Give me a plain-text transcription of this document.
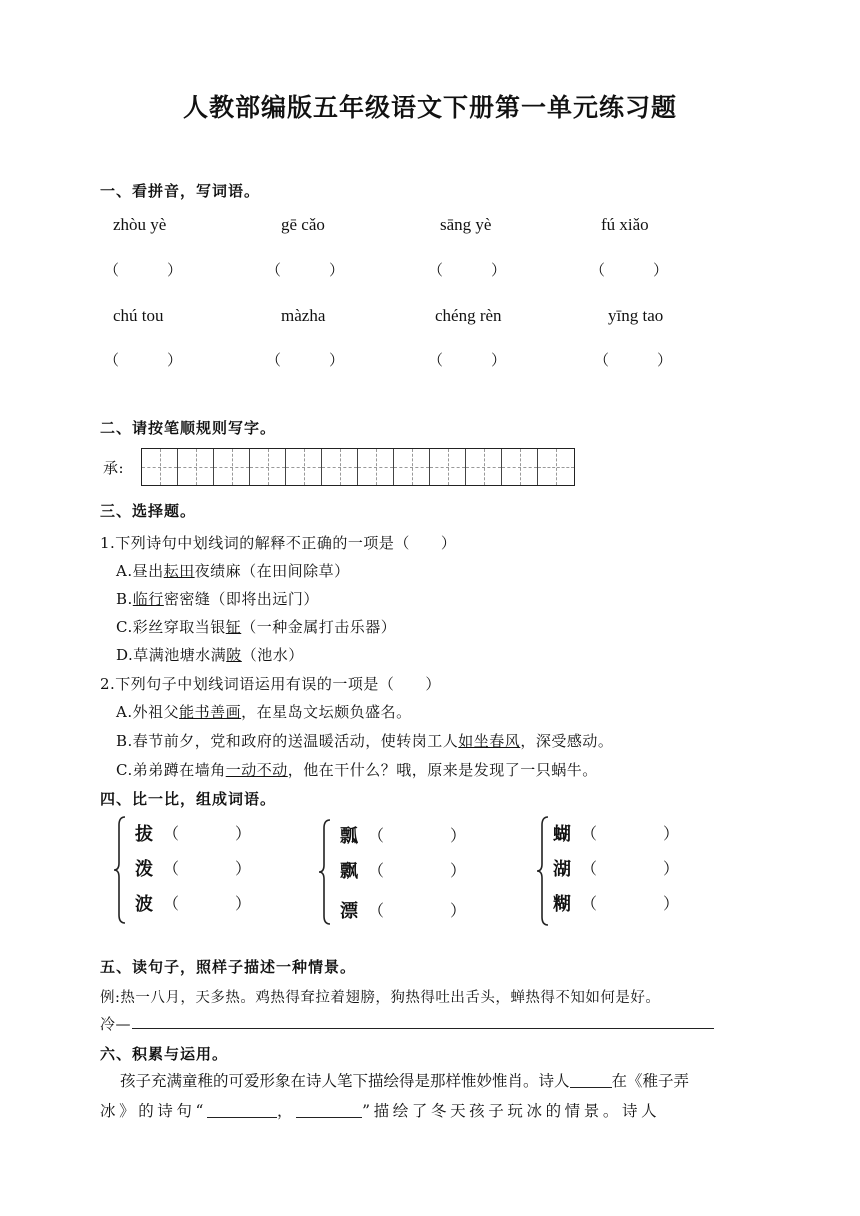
人教部编版五年级语文下册第一单元练习题
一、看拼音，写词语。
zhòu yè	gē cǎo	sāng yè	fú xiǎo
（	）	（	）	（	）	（	）
chú tou	màzha	chéng rèn	yīng tao
（	）	（	）	（	）	（	）
二、请按笔顺规则写字。
承:
三、选择题。
1.下列诗句中划线词的解释不正确的一项是（　　）
A.昼出耘田夜绩麻（在田间除草）
B.临行密密缝（即将出远门）
C.彩丝穿取当银钲（一种金属打击乐器）
D.草满池塘水满陂（池水）
2.下列句子中划线词语运用有误的一项是（　　）
A.外祖父能书善画，在星岛文坛颇负盛名。
B.春节前夕，党和政府的送温暖活动，使转岗工人如坐春风，深受感动。
C.弟弟蹲在墙角一动不动，他在干什么？哦，原来是发现了一只蜗牛。
四、比一比，组成词语。
拔 （	）
泼 （	）
波 （	）
瓢 （	）
飘 （	）
漂 （	）
蝴 （	）
湖 （	）
糊 （	）
五、读句子，照样子描述一种情景。
例:热一八月，天多热。鸡热得耷拉着翅膀，狗热得吐出舌头，蝉热得不知如何是好。
冷—
六、积累与运用。
孩子充满童稚的可爱形象在诗人笔下描绘得是那样惟妙惟肖。诗人	在《稚子弄
冰》的诗句“	，	”描绘了冬天孩子玩冰的情景。诗人
